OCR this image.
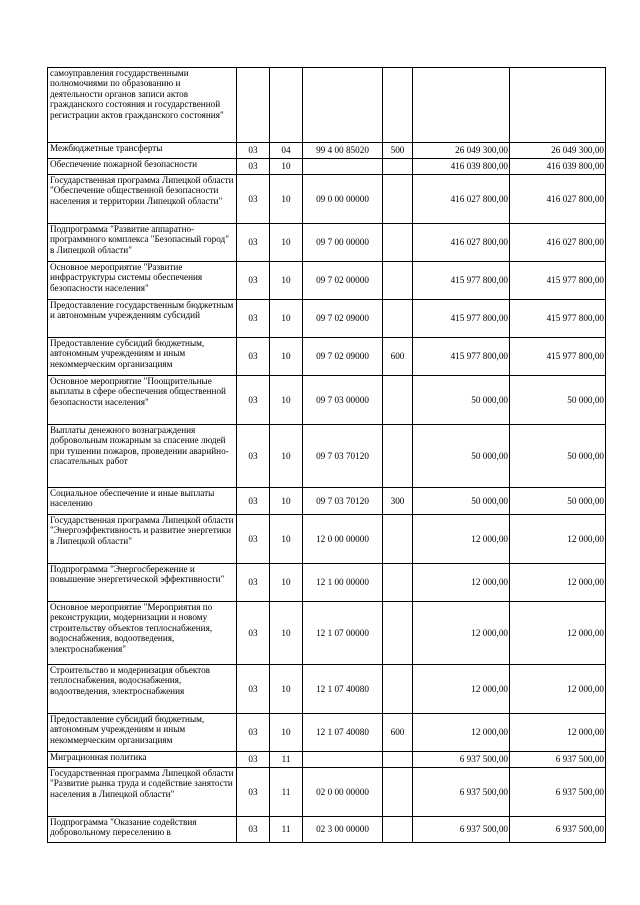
самоуправления государственными полномочиями по образованию и деятельности органов записи актов гражданского состояния и государственной регистрации актов гражданского состояния"						
Межбюджетные трансферты	03	04	99 4 00 85020	500	26 049 300,00	26 049 300,00
Обеспечение пожарной безопасности	03	10			416 039 800,00	416 039 800,00
Государственная программа Липецкой области "Обеспечение общественной безопасности населения и территории Липецкой области"	03	10	09 0 00 00000		416 027 800,00	416 027 800,00
Подпрограмма "Развитие аппаратно-программного комплекса "Безопасный город" в Липецкой области"	03	10	09 7 00 00000		416 027 800,00	416 027 800,00
Основное мероприятие "Развитие инфраструктуры системы обеспечения безопасности населения"	03	10	09 7 02 00000		415 977 800,00	415 977 800,00
Предоставление государственным бюджетным и автономным учреждениям субсидий	03	10	09 7 02 09000		415 977 800,00	415 977 800,00
Предоставление субсидий бюджетным, автономным учреждениям и иным некоммерческим организациям	03	10	09 7 02 09000	600	415 977 800,00	415 977 800,00
Основное мероприятие "Поощрительные выплаты в сфере обеспечения общественной безопасности населения"	03	10	09 7 03 00000		50 000,00	50 000,00
Выплаты денежного вознаграждения добровольным пожарным за спасение людей при тушении пожаров, проведении аварийно-спасательных работ	03	10	09 7 03 70120		50 000,00	50 000,00
Социальное обеспечение и иные выплаты населению	03	10	09 7 03 70120	300	50 000,00	50 000,00
Государственная программа Липецкой области "Энергоэффективность и развитие энергетики в Липецкой области"	03	10	12 0 00 00000		12 000,00	12 000,00
Подпрограмма "Энергосбережение и повышение энергетической эффективности"	03	10	12 1 00 00000		12 000,00	12 000,00
Основное мероприятие "Мероприятия по реконструкции, модернизации и новому строительству объектов теплоснабжения, водоснабжения, водоотведения, электроснабжения"	03	10	12 1 07 00000		12 000,00	12 000,00
Строительство и модернизация объектов теплоснабжения, водоснабжения, водоотведения, электроснабжения	03	10	12 1 07 40080		12 000,00	12 000,00
Предоставление субсидий бюджетным, автономным учреждениям и иным некоммерческим организациям	03	10	12 1 07 40080	600	12 000,00	12 000,00
Миграционная политика	03	11			6 937 500,00	6 937 500,00
Государственная программа Липецкой области "Развитие рынка труда и содействие занятости населения в Липецкой области"	03	11	02 0 00 00000		6 937 500,00	6 937 500,00
Подпрограмма "Оказание содействия добровольному переселению в	03	11	02 3 00 00000		6 937 500,00	6 937 500,00
